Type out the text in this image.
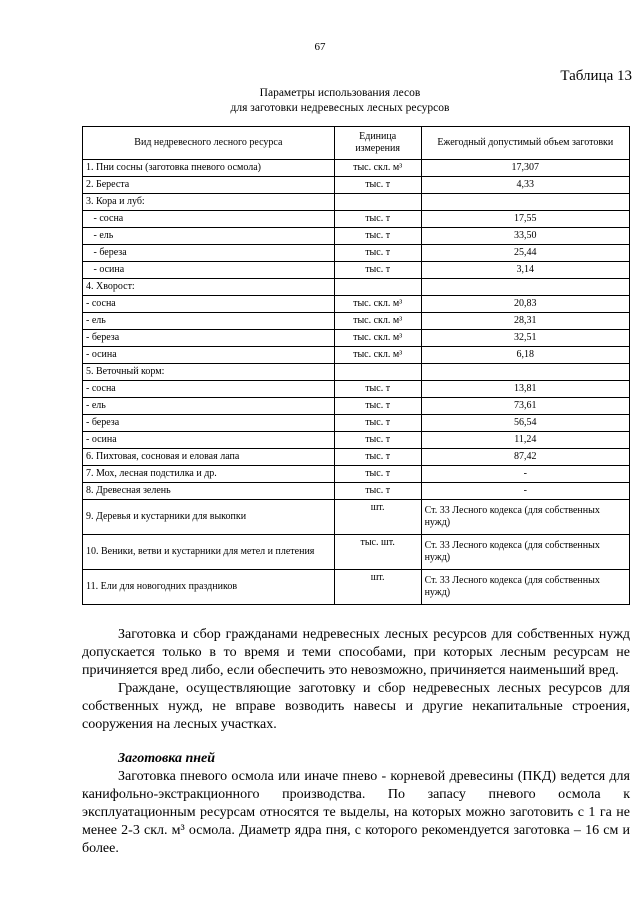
67
Таблица 13
Параметры использования лесов
для заготовки недревесных лесных ресурсов
Вид недревесного лесного ресурса	Единица измерения	Ежегодный допустимый объем заготовки
1. Пни сосны (заготовка пневого осмола)	тыс. скл. м³	17,307
2. Береста	тыс. т	4,33
3. Кора и луб:		
- сосна	тыс. т	17,55
- ель	тыс. т	33,50
- береза	тыс. т	25,44
- осина	тыс. т	3,14
4. Хворост:		
- сосна	тыс. скл. м³	20,83
- ель	тыс. скл. м³	28,31
- береза	тыс. скл. м³	32,51
- осина	тыс. скл. м³	6,18
5. Веточный корм:		
- сосна	тыс. т	13,81
- ель	тыс. т	73,61
- береза	тыс. т	56,54
- осина	тыс. т	11,24
6. Пихтовая, сосновая и еловая лапа	тыс. т	87,42
7. Мох, лесная подстилка и др.	тыс. т	-
8. Древесная зелень	тыс. т	-
9. Деревья и кустарники для выкопки	шт.	Ст. 33 Лесного кодекса (для собственных нужд)
10. Веники, ветви и кустарники для метел и плетения	тыс. шт.	Ст. 33 Лесного кодекса (для собственных нужд)
11. Ели для новогодних праздников	шт.	Ст. 33 Лесного кодекса (для собственных нужд)

Заготовка и сбор гражданами недревесных лесных ресурсов для собственных нужд допускается только в то время и теми способами, при которых лесным ресурсам не причиняется вред либо, если обеспечить это невозможно, причиняется наименьший вред.

Граждане, осуществляющие заготовку и сбор недревесных лесных ресурсов для собственных нужд, не вправе возводить навесы и другие некапитальные строения, сооружения на лесных участках.

Заготовка пней

Заготовка пневого осмола или иначе пнево - корневой древесины (ПКД) ведется для канифольно-экстракционного производства. По запасу пневого осмола к эксплуатационным ресурсам относятся те выделы, на которых можно заготовить с 1 га не менее 2-3 скл. м³ осмола. Диаметр ядра пня, с которого рекомендуется заготовка – 16 см и более.
